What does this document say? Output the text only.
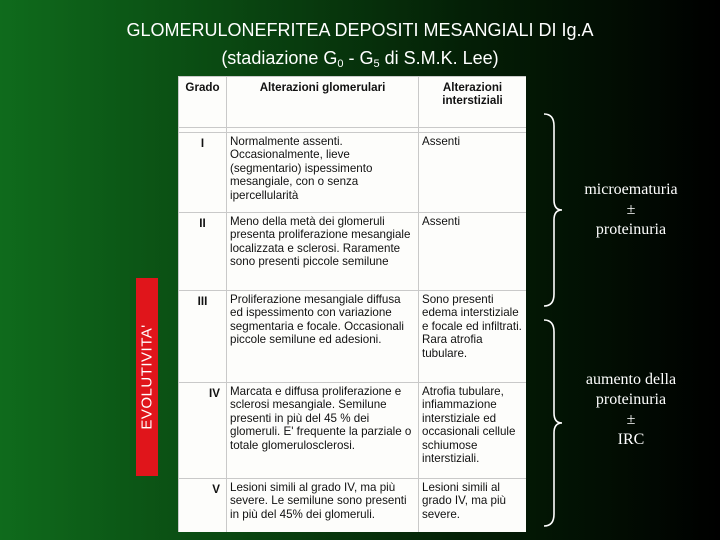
GLOMERULONEFRITEA DEPOSITI MESANGIALI DI Ig.A
(stadiazione $G_0 - G_5$ di S.M.K. Lee)
EVOLUTIVITA'
Grado	Alterazioni glomerulari	Alterazioni interstiziali

I	Normalmente assenti. Occasionalmente, lieve (segmentario) ispessimento mesangiale, con o senza ipercellularità	Assenti
II	Meno della metà dei glomeruli presenta proliferazione mesangiale localizzata e sclerosi. Raramente sono presenti piccole semilune	Assenti
III	Proliferazione mesangiale diffusa ed ispessimento con variazione segmentaria e focale. Occasionali piccole semilune ed adesioni.	Sono presenti edema interstiziale e focale ed infiltrati. Rara atrofia tubulare.
IV	Marcata e diffusa proliferazione e sclerosi mesangiale. Semilune presenti in più del 45 % dei glomeruli. E' frequente la parziale o totale glomerulosclerosi.	Atrofia tubulare, infiammazione interstiziale ed occasionali cellule schiumose interstiziali.
V	Lesioni simili al grado IV, ma più severe. Le semilune sono presenti in più del 45% dei glomeruli.	Lesioni simili al grado IV, ma più severe.
microematuria
±
proteinuria
aumento della
proteinuria
±
IRC
